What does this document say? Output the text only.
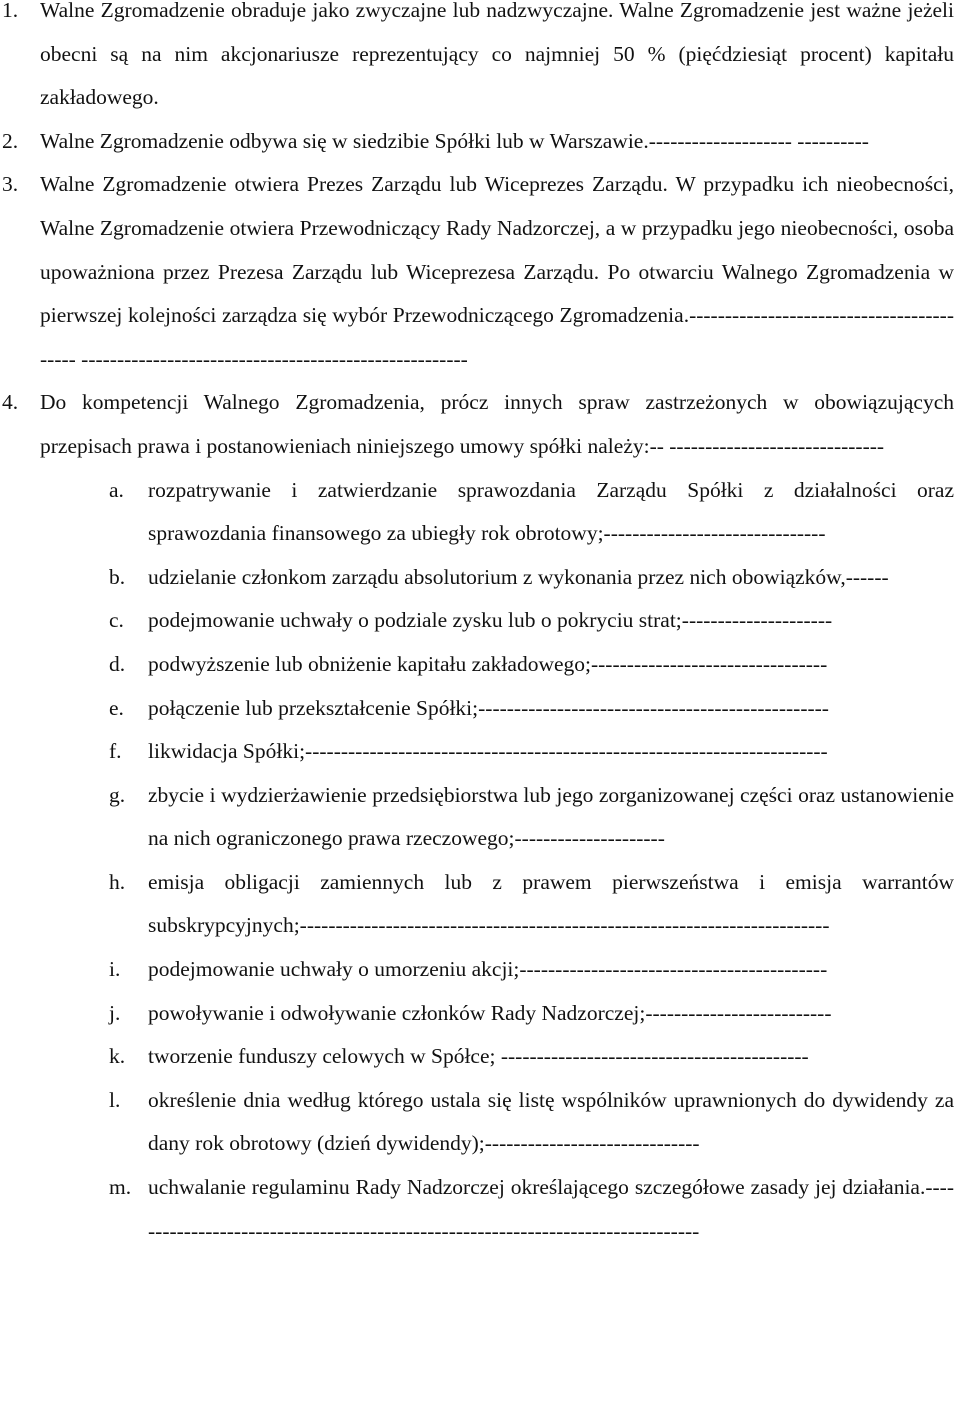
1. Walne Zgromadzenie obraduje jako zwyczajne lub nadzwyczajne. Walne Zgromadzenie jest ważne jeżeli obecni są na nim akcjonariusze reprezentujący co najmniej 50 % (pięćdziesiąt procent) kapitału zakładowego.
2. Walne Zgromadzenie odbywa się w siedzibie Spółki lub w Warszawie.-------------------- ----------
3. Walne Zgromadzenie otwiera Prezes Zarządu lub Wiceprezes Zarządu. W przypadku ich nieobecności, Walne Zgromadzenie otwiera Przewodniczący Rady Nadzorczej, a w przypadku jego nieobecności, osoba upoważniona przez Prezesa Zarządu lub Wiceprezesa Zarządu. Po otwarciu Walnego Zgromadzenia w pierwszej kolejności zarządza się wybór Przewodniczącego Zgromadzenia.------------------------------------------ ------------------------------------------------------
4. Do kompetencji Walnego Zgromadzenia, prócz innych spraw zastrzeżonych w obowiązujących przepisach prawa i postanowieniach niniejszego umowy spółki należy:-- ------------------------------
a. rozpatrywanie i zatwierdzanie sprawozdania Zarządu Spółki z działalności oraz sprawozdania finansowego za ubiegły rok obrotowy;-------------------------------
b. udzielanie członkom zarządu absolutorium z wykonania przez nich obowiązków,------
c. podejmowanie uchwały o podziale zysku lub o pokryciu strat;---------------------
d. podwyższenie lub obniżenie kapitału zakładowego;---------------------------------
e. połączenie lub przekształcenie Spółki;-------------------------------------------------
f. likwidacja Spółki;-------------------------------------------------------------------------
g. zbycie i wydzierżawienie przedsiębiorstwa lub jego zorganizowanej części oraz ustanowienie na nich ograniczonego prawa rzeczowego;---------------------
h. emisja obligacji zamiennych lub z prawem pierwszeństwa i emisja warrantów subskrypcyjnych;--------------------------------------------------------------------------
i. podejmowanie uchwały o umorzeniu akcji;-------------------------------------------
j. powoływanie i odwoływanie członków Rady Nadzorczej;--------------------------
k. tworzenie funduszy celowych w Spółce; -------------------------------------------
l. określenie dnia według którego ustala się listę wspólników uprawnionych do dywidendy za dany rok obrotowy (dzień dywidendy);------------------------------
m. uchwalanie regulaminu Rady Nadzorczej określającego szczegółowe zasady jej działania.---------------------------------------------------------------------------------
